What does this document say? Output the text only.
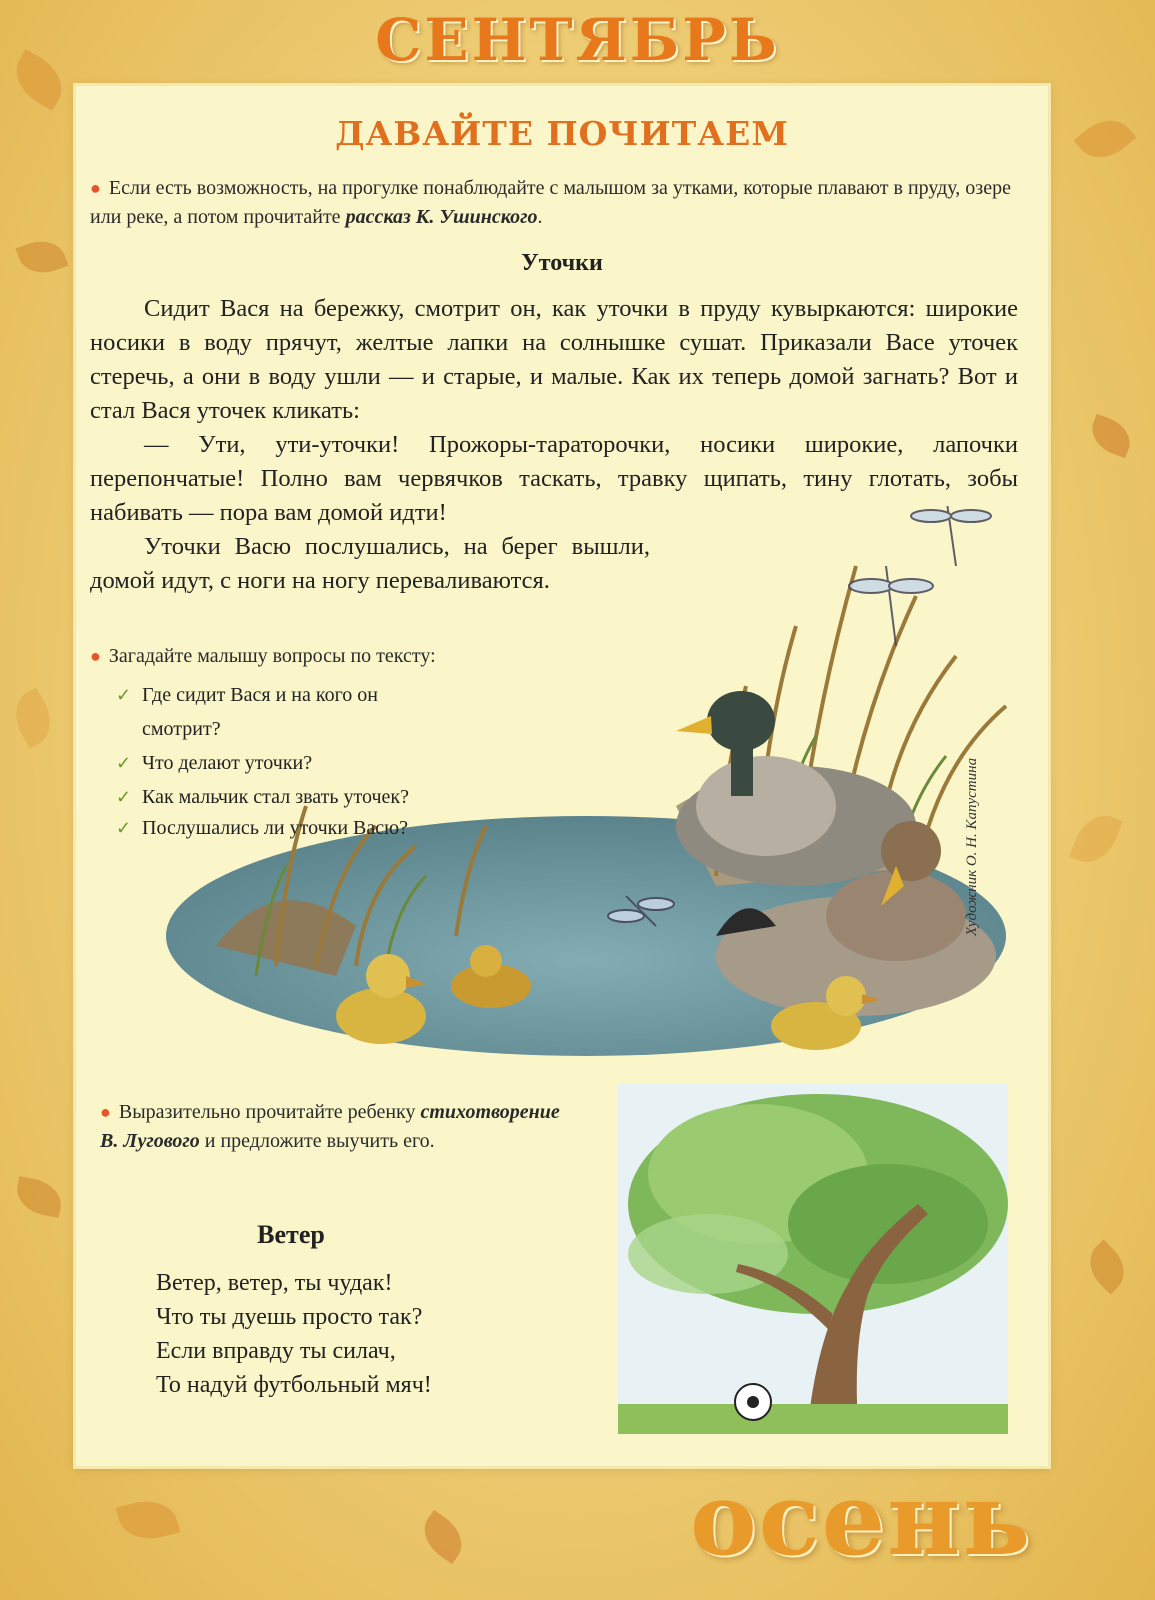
СЕНТЯБРЬ
ДАВАЙТЕ ПОЧИТАЕМ
● Если есть возможность, на прогулке понаблюдайте с малышом за утками, которые плавают в пруду, озере или реке, а потом прочитайте рассказ К. Ушинского.
Уточки

Сидит Вася на бережку, смотрит он, как уточки в пруду кувыркаются: широкие носики в воду прячут, желтые лапки на солнышке сушат. Приказали Васе уточек стеречь, а они в воду ушли — и старые, и малые. Как их теперь домой загнать? Вот и стал Вася уточек кликать:

— Ути, ути-уточки! Прожоры-тараторочки, носики широкие, лапочки перепончатые! Полно вам червячков таскать, травку щипать, тину глотать, зобы набивать — пора вам домой идти!

Уточки Васю послушались, на берег вышли, домой идут, с ноги на ногу переваливаются.

● Загадайте малышу вопросы по тексту:
✓ Где сидит Вася и на кого он смотрит?
✓ Что делают уточки?
✓ Как мальчик стал звать уточек?
✓ Послушались ли уточки Васю?	Художник О. Н. Капустина
● Выразительно прочитайте ребенку стихотворение В. Лугового и предложите выучить его.
Ветер
Ветер, ветер, ты чудак!
Что ты дуешь просто так?
Если вправду ты силач,
То надуй футбольный мяч!
осень
